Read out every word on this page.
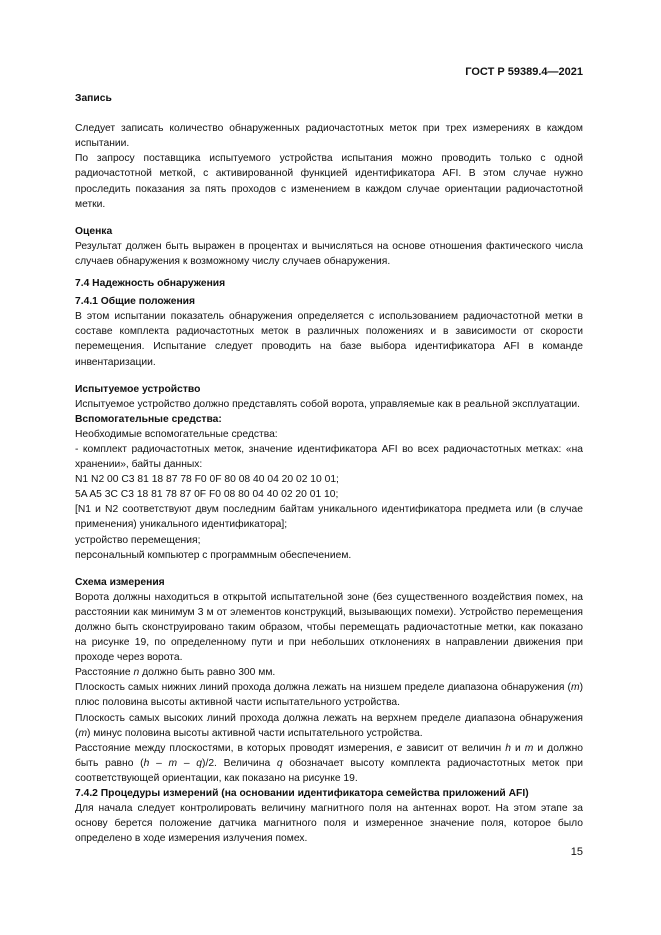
ГОСТ Р 59389.4—2021

Запись

Следует записать количество обнаруженных радиочастотных меток при трех измерениях в каждом испытании.

По запросу поставщика испытуемого устройства испытания можно проводить только с одной радиочастотной меткой, с активированной функцией идентификатора AFI. В этом случае нужно проследить показания за пять проходов с изменением в каждом случае ориентации радиочастотной метки.

Оценка

Результат должен быть выражен в процентах и вычисляться на основе отношения фактического числа случаев обнаружения к возможному числу случаев обнаружения.

7.4 Надежность обнаружения

7.4.1 Общие положения

В этом испытании показатель обнаружения определяется с использованием радиочастотной метки в составе комплекта радиочастотных меток в различных положениях и в зависимости от скорости перемещения. Испытание следует проводить на базе выбора идентификатора AFI в команде инвентаризации.

Испытуемое устройство

Испытуемое устройство должно представлять собой ворота, управляемые как в реальной эксплуатации.

Вспомогательные средства:

Необходимые вспомогательные средства:

- комплект радиочастотных меток, значение идентификатора AFI во всех радиочастотных метках: «на хранении», байты данных:

N1 N2 00 C3 81 18 87 78 F0 0F 80 08 40 04 20 02 10 01;

5A A5 3C C3 18 81 78 87 0F F0 08 80 04 40 02 20 01 10;

[N1 и N2 соответствуют двум последним байтам уникального идентификатора предмета или (в случае применения) уникального идентификатора];

устройство перемещения;

персональный компьютер с программным обеспечением.

Схема измерения

Ворота должны находиться в открытой испытательной зоне (без существенного воздействия помех, на расстоянии как минимум 3 м от элементов конструкций, вызывающих помехи). Устройство перемещения должно быть сконструировано таким образом, чтобы перемещать радиочастотные метки, как показано на рисунке 19, по определенному пути и при небольших отклонениях в направлении движения при проходе через ворота.

Расстояние n должно быть равно 300 мм.

Плоскость самых нижних линий прохода должна лежать на низшем пределе диапазона обнаружения (m) плюс половина высоты активной части испытательного устройства.

Плоскость самых высоких линий прохода должна лежать на верхнем пределе диапазона обнаружения (m) минус половина высоты активной части испытательного устройства.

Расстояние между плоскостями, в которых проводят измерения, e зависит от величин h и m и должно быть равно (h – m – q)/2. Величина q обозначает высоту комплекта радиочастотных меток при соответствующей ориентации, как показано на рисунке 19.

7.4.2 Процедуры измерений (на основании идентификатора семейства приложений AFI)

Для начала следует контролировать величину магнитного поля на антеннах ворот. На этом этапе за основу берется положение датчика магнитного поля и измеренное значение поля, которое было определено в ходе измерения излучения помех.

15
